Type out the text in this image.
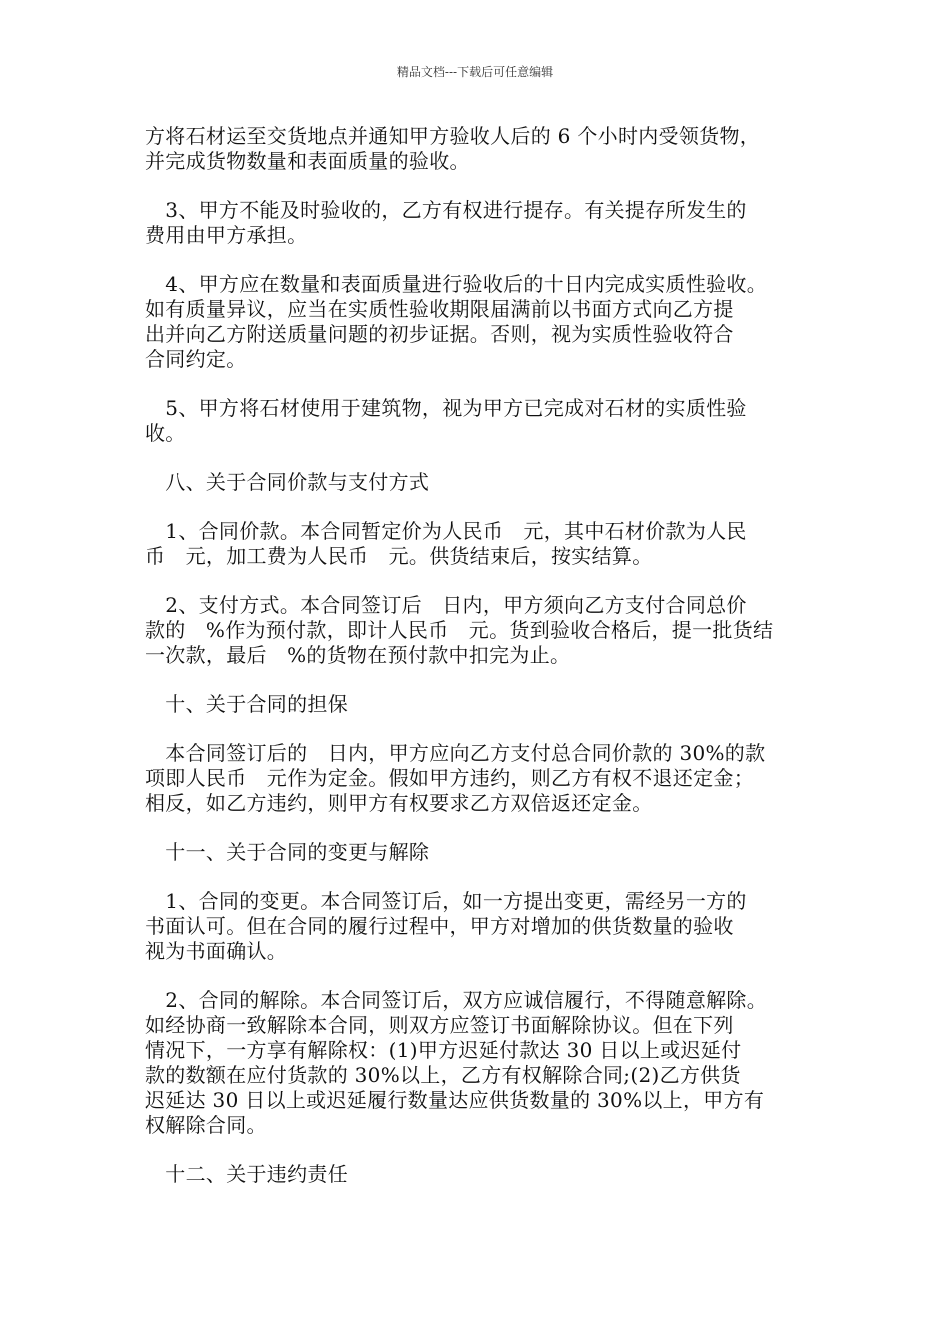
精品文档---下载后可任意编辑

方将石材运至交货地点并通知甲方验收人后的 6 个小时内受领货物，
并完成货物数量和表面质量的验收。

　3、甲方不能及时验收的，乙方有权进行提存。有关提存所发生的
费用由甲方承担。

　4、甲方应在数量和表面质量进行验收后的十日内完成实质性验收。
如有质量异议，应当在实质性验收期限届满前以书面方式向乙方提
出并向乙方附送质量问题的初步证据。否则，视为实质性验收符合
合同约定。

　5、甲方将石材使用于建筑物，视为甲方已完成对石材的实质性验
收。

　八、关于合同价款与支付方式

　1、合同价款。本合同暂定价为人民币　元，其中石材价款为人民
币　元，加工费为人民币　元。供货结束后，按实结算。

　2、支付方式。本合同签订后　日内，甲方须向乙方支付合同总价
款的　%作为预付款，即计人民币　元。货到验收合格后，提一批货结
一次款，最后　%的货物在预付款中扣完为止。

　十、关于合同的担保

　本合同签订后的　日内，甲方应向乙方支付总合同价款的 30%的款
项即人民币　元作为定金。假如甲方违约，则乙方有权不退还定金；
相反，如乙方违约，则甲方有权要求乙方双倍返还定金。

　十一、关于合同的变更与解除

　1、合同的变更。本合同签订后，如一方提出变更，需经另一方的
书面认可。但在合同的履行过程中，甲方对增加的供货数量的验收
视为书面确认。

　2、合同的解除。本合同签订后，双方应诚信履行，不得随意解除。
如经协商一致解除本合同，则双方应签订书面解除协议。但在下列
情况下，一方享有解除权：(1)甲方迟延付款达 30 日以上或迟延付
款的数额在应付货款的 30%以上，乙方有权解除合同;(2)乙方供货
迟延达 30 日以上或迟延履行数量达应供货数量的 30%以上，甲方有
权解除合同。

　十二、关于违约责任
